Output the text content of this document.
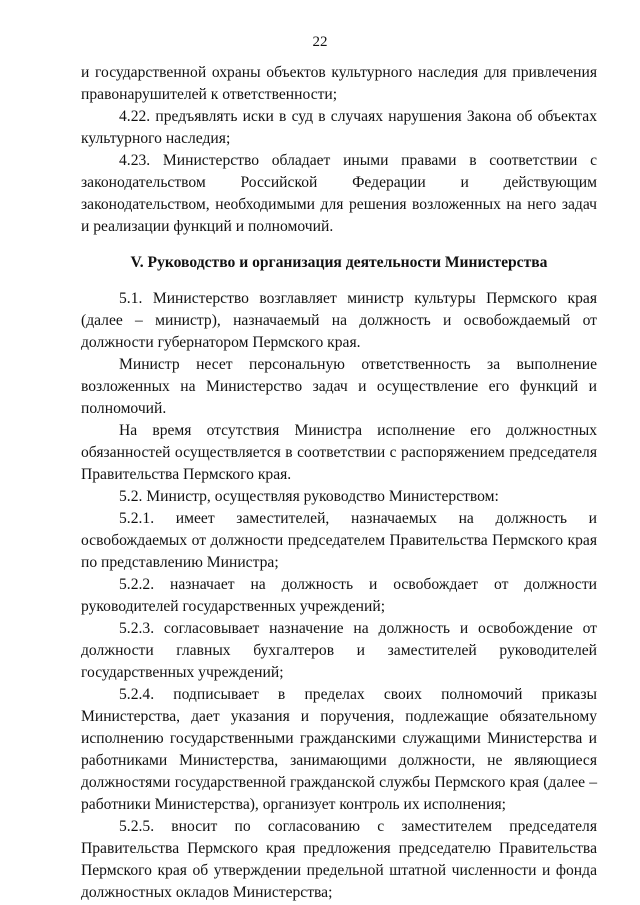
22

и государственной охраны объектов культурного наследия для привлечения правонарушителей к ответственности;

4.22. предъявлять иски в суд в случаях нарушения Закона об объектах культурного наследия;

4.23. Министерство обладает иными правами в соответствии с законодательством Российской Федерации и действующим законодательством, необходимыми для решения возложенных на него задач и реализации функций и полномочий.

V. Руководство и организация деятельности Министерства

5.1. Министерство возглавляет министр культуры Пермского края (далее – министр), назначаемый на должность и освобождаемый от должности губернатором Пермского края.

Министр несет персональную ответственность за выполнение возложенных на Министерство задач и осуществление его функций и полномочий.

На время отсутствия Министра исполнение его должностных обязанностей осуществляется в соответствии с распоряжением председателя Правительства Пермского края.

5.2. Министр, осуществляя руководство Министерством:

5.2.1. имеет заместителей, назначаемых на должность и освобождаемых от должности председателем Правительства Пермского края по представлению Министра;

5.2.2. назначает на должность и освобождает от должности руководителей государственных учреждений;

5.2.3. согласовывает назначение на должность и освобождение от должности главных бухгалтеров и заместителей руководителей государственных учреждений;

5.2.4. подписывает в пределах своих полномочий приказы Министерства, дает указания и поручения, подлежащие обязательному исполнению государственными гражданскими служащими Министерства и работниками Министерства, занимающими должности, не являющиеся должностями государственной гражданской службы Пермского края (далее – работники Министерства), организует контроль их исполнения;

5.2.5. вносит по согласованию с заместителем председателя Правительства Пермского края предложения председателю Правительства Пермского края об утверждении предельной штатной численности и фонда должностных окладов Министерства;
